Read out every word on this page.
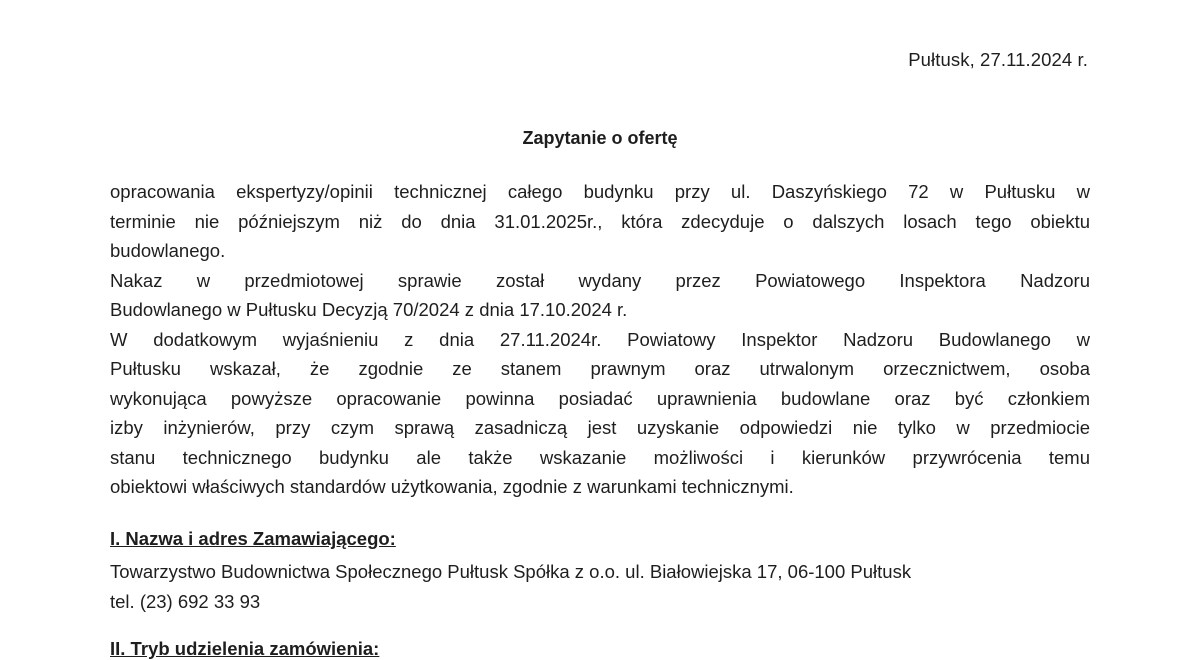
Pułtusk, 27.11.2024 r.
Zapytanie o ofertę

opracowania ekspertyzy/opinii technicznej całego budynku przy ul. Daszyńskiego 72 w Pułtusku w
terminie nie późniejszym niż do dnia 31.01.2025r., która zdecyduje o dalszych losach tego obiektu
budowlanego.

Nakaz w przedmiotowej sprawie został wydany przez Powiatowego Inspektora Nadzoru
Budowlanego w Pułtusku Decyzją 70/2024 z dnia 17.10.2024 r.

W dodatkowym wyjaśnieniu z dnia 27.11.2024r. Powiatowy Inspektor Nadzoru Budowlanego w
Pułtusku wskazał, że zgodnie ze stanem prawnym oraz utrwalonym orzecznictwem, osoba
wykonująca powyższe opracowanie powinna posiadać uprawnienia budowlane oraz być członkiem
izby inżynierów, przy czym sprawą zasadniczą jest uzyskanie odpowiedzi nie tylko w przedmiocie
stanu technicznego budynku ale także wskazanie możliwości i kierunków przywrócenia temu
obiektowi właściwych standardów użytkowania, zgodnie z warunkami technicznymi.

I. Nazwa i adres Zamawiającego:
Towarzystwo Budownictwa Społecznego Pułtusk Spółka z o.o. ul. Białowiejska 17, 06-100 Pułtusk
tel. (23) 692 33 93
II. Tryb udzielenia zamówienia:
